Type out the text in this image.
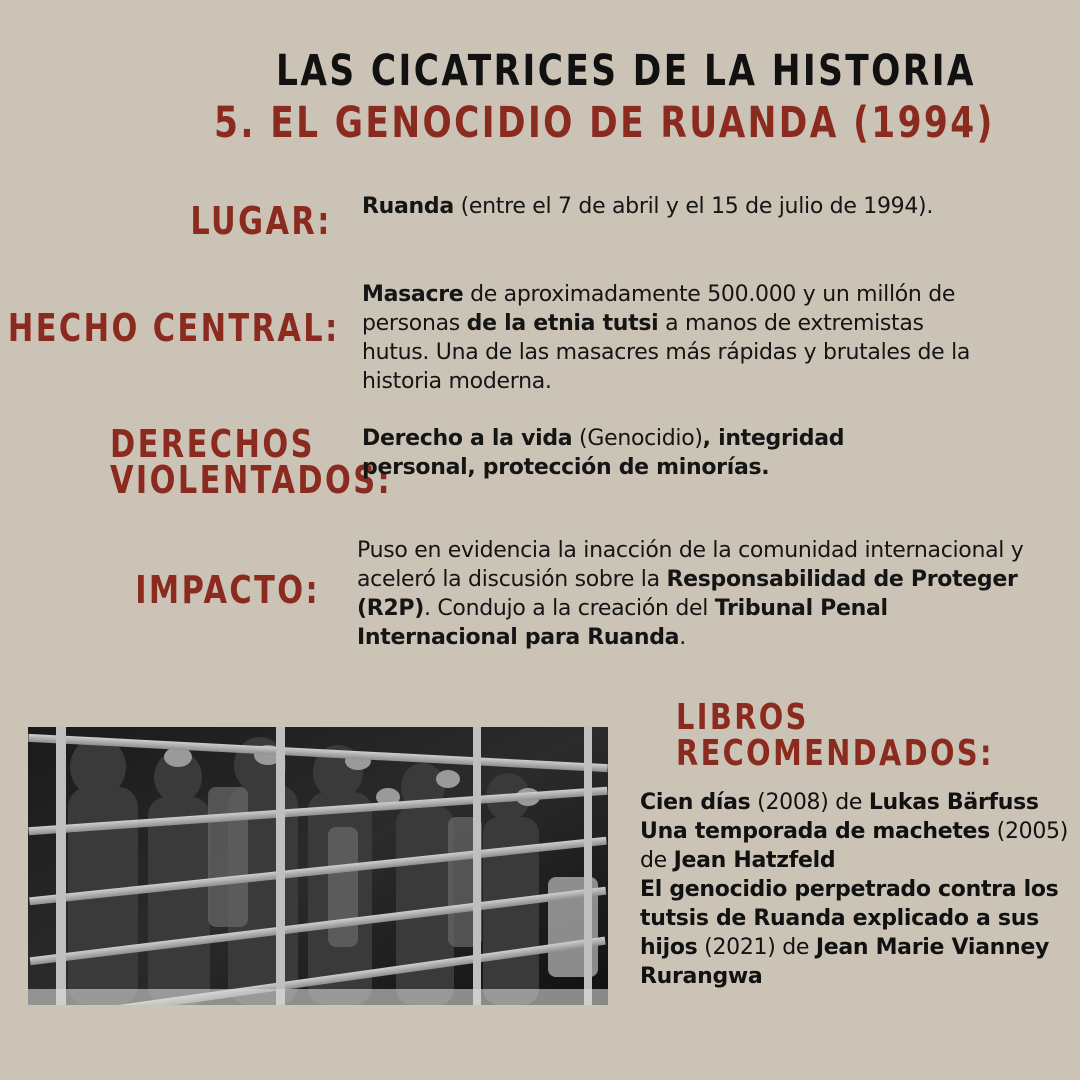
LAS CICATRICES DE LA HISTORIA
5. EL GENOCIDIO DE RUANDA (1994)
LUGAR: Ruanda (entre el 7 de abril y el 15 de julio de 1994).
HECHO CENTRAL:
Masacre de aproximadamente 500.000 y un millón de personas de la etnia tutsi a manos de extremistas hutus. Una de las masacres más rápidas y brutales de la historia moderna.
DERECHOS
VIOLENTADOS:
Derecho a la vida (Genocidio), integridad personal, protección de minorías.
IMPACTO:
Puso en evidencia la inacción de la comunidad internacional y aceleró la discusión sobre la Responsabilidad de Proteger (R2P). Condujo a la creación del Tribunal Penal Internacional para Ruanda.
LIBROS
RECOMENDADOS:

Cien días (2008) de Lukas Bärfuss

Una temporada de machetes (2005) de Jean Hatzfeld

El genocidio perpetrado contra los tutsis de Ruanda explicado a sus hijos (2021) de Jean Marie Vianney Rurangwa
